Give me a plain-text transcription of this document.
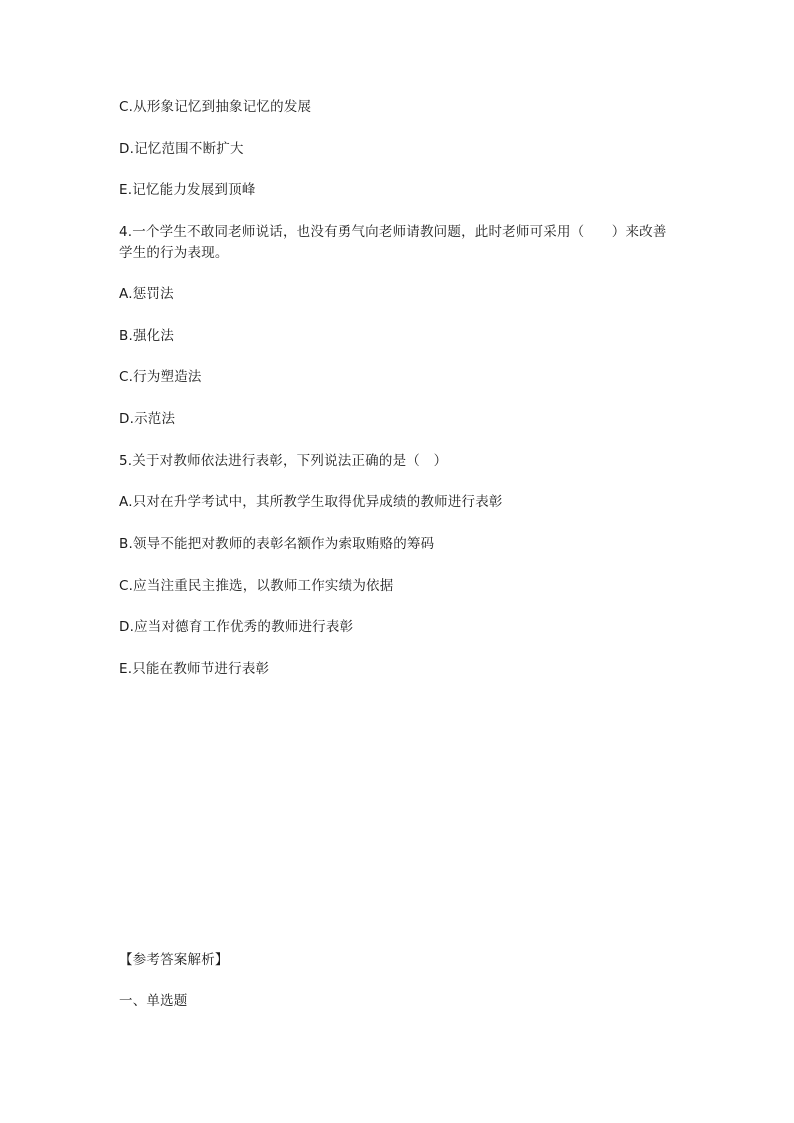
C.从形象记忆到抽象记忆的发展
D.记忆范围不断扩大
E.记忆能力发展到顶峰
4.一个学生不敢同老师说话，也没有勇气向老师请教问题，此时老师可采用（　　）来改善学生的行为表现。
A.惩罚法
B.强化法
C.行为塑造法
D.示范法
5.关于对教师依法进行表彰，下列说法正确的是（　）
A.只对在升学考试中，其所教学生取得优异成绩的教师进行表彰
B.领导不能把对教师的表彰名额作为索取贿赂的筹码
C.应当注重民主推选，以教师工作实绩为依据
D.应当对德育工作优秀的教师进行表彰
E.只能在教师节进行表彰
【参考答案解析】
一、单选题
